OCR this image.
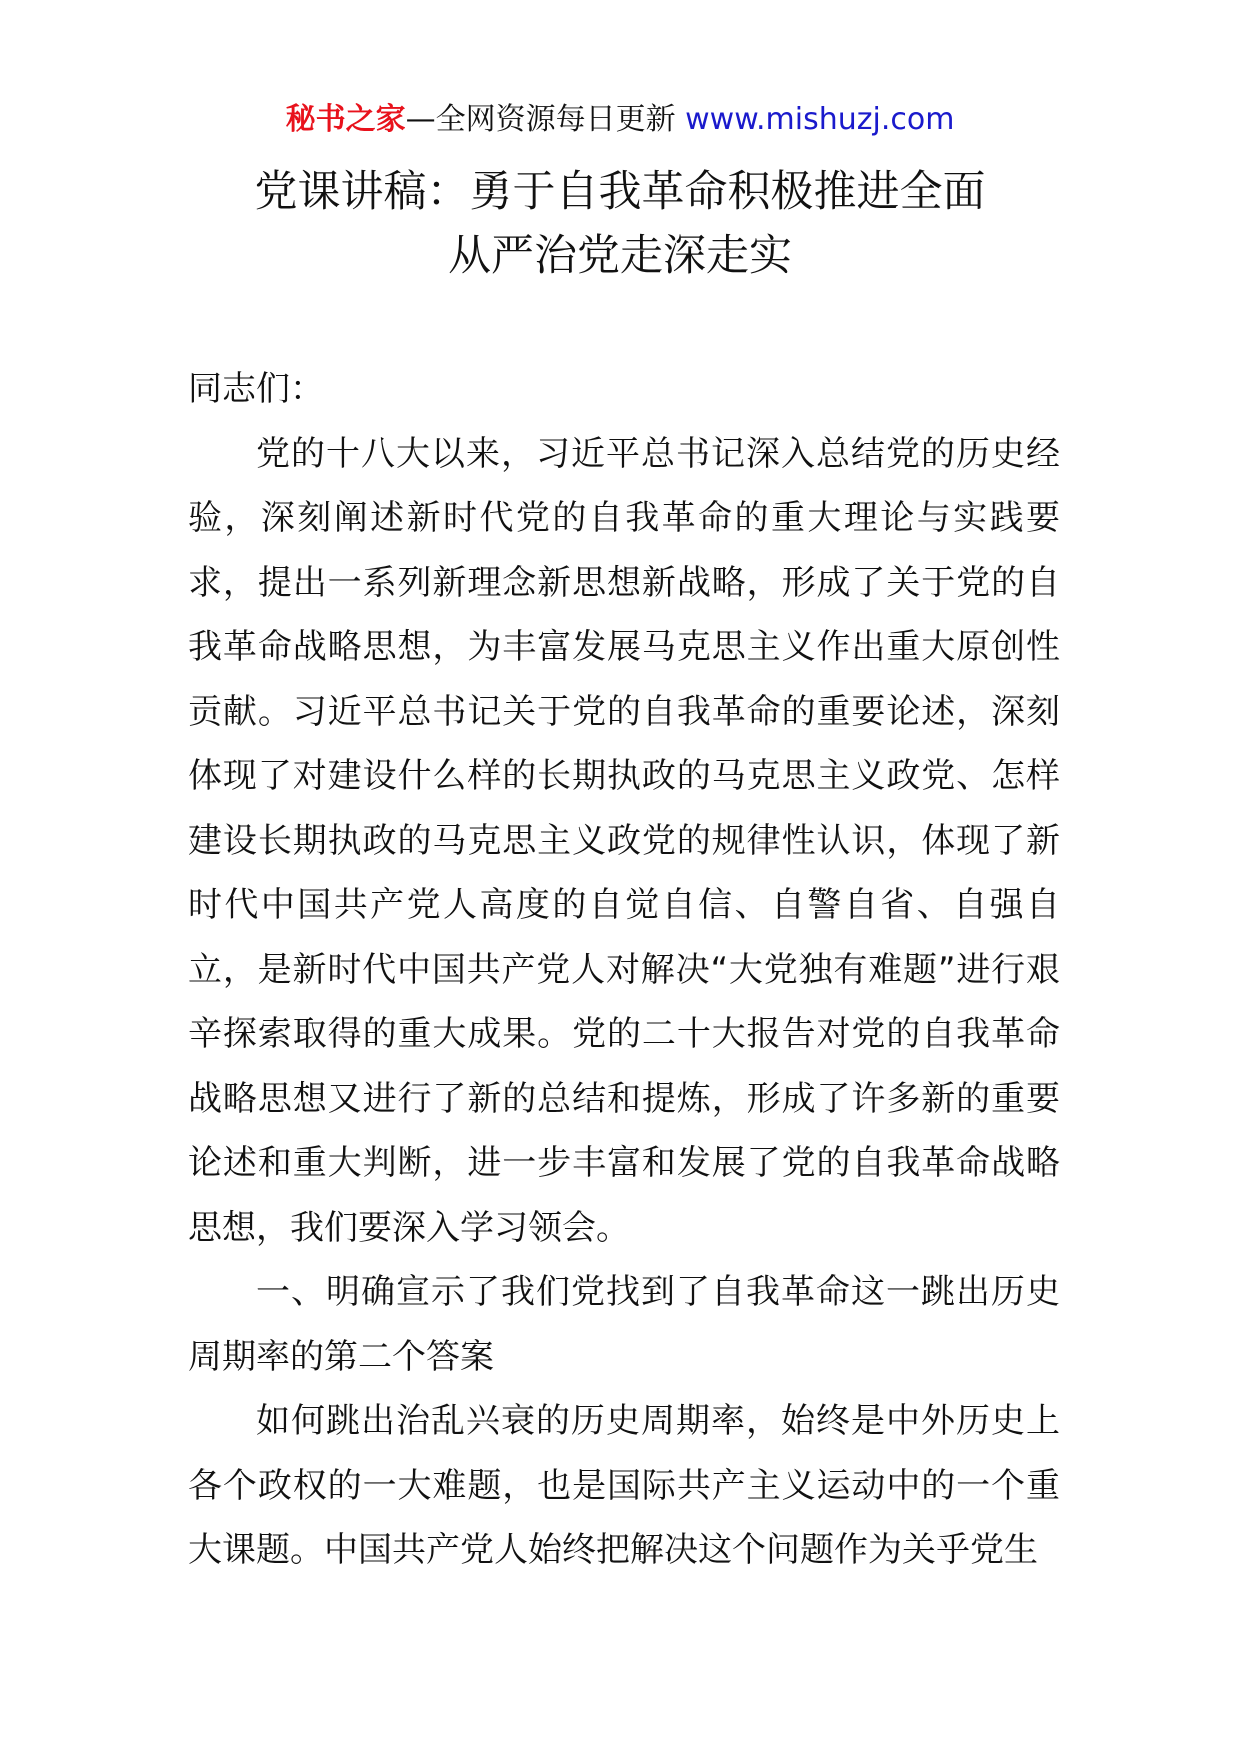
秘书之家—全网资源每日更新 www.mishuzj.com
党课讲稿：勇于自我革命积极推进全面
从严治党走深走实

同志们：

党的十八大以来，习近平总书记深入总结党的历史经验，深刻阐述新时代党的自我革命的重大理论与实践要求，提出一系列新理念新思想新战略，形成了关于党的自我革命战略思想，为丰富发展马克思主义作出重大原创性贡献。习近平总书记关于党的自我革命的重要论述，深刻体现了对建设什么样的长期执政的马克思主义政党、怎样建设长期执政的马克思主义政党的规律性认识，体现了新时代中国共产党人高度的自觉自信、自警自省、自强自立，是新时代中国共产党人对解决“大党独有难题”进行艰辛探索取得的重大成果。党的二十大报告对党的自我革命战略思想又进行了新的总结和提炼，形成了许多新的重要论述和重大判断，进一步丰富和发展了党的自我革命战略思想，我们要深入学习领会。

一、明确宣示了我们党找到了自我革命这一跳出历史周期率的第二个答案

如何跳出治乱兴衰的历史周期率，始终是中外历史上各个政权的一大难题，也是国际共产主义运动中的一个重大课题。中国共产党人始终把解决这个问题作为关乎党生
